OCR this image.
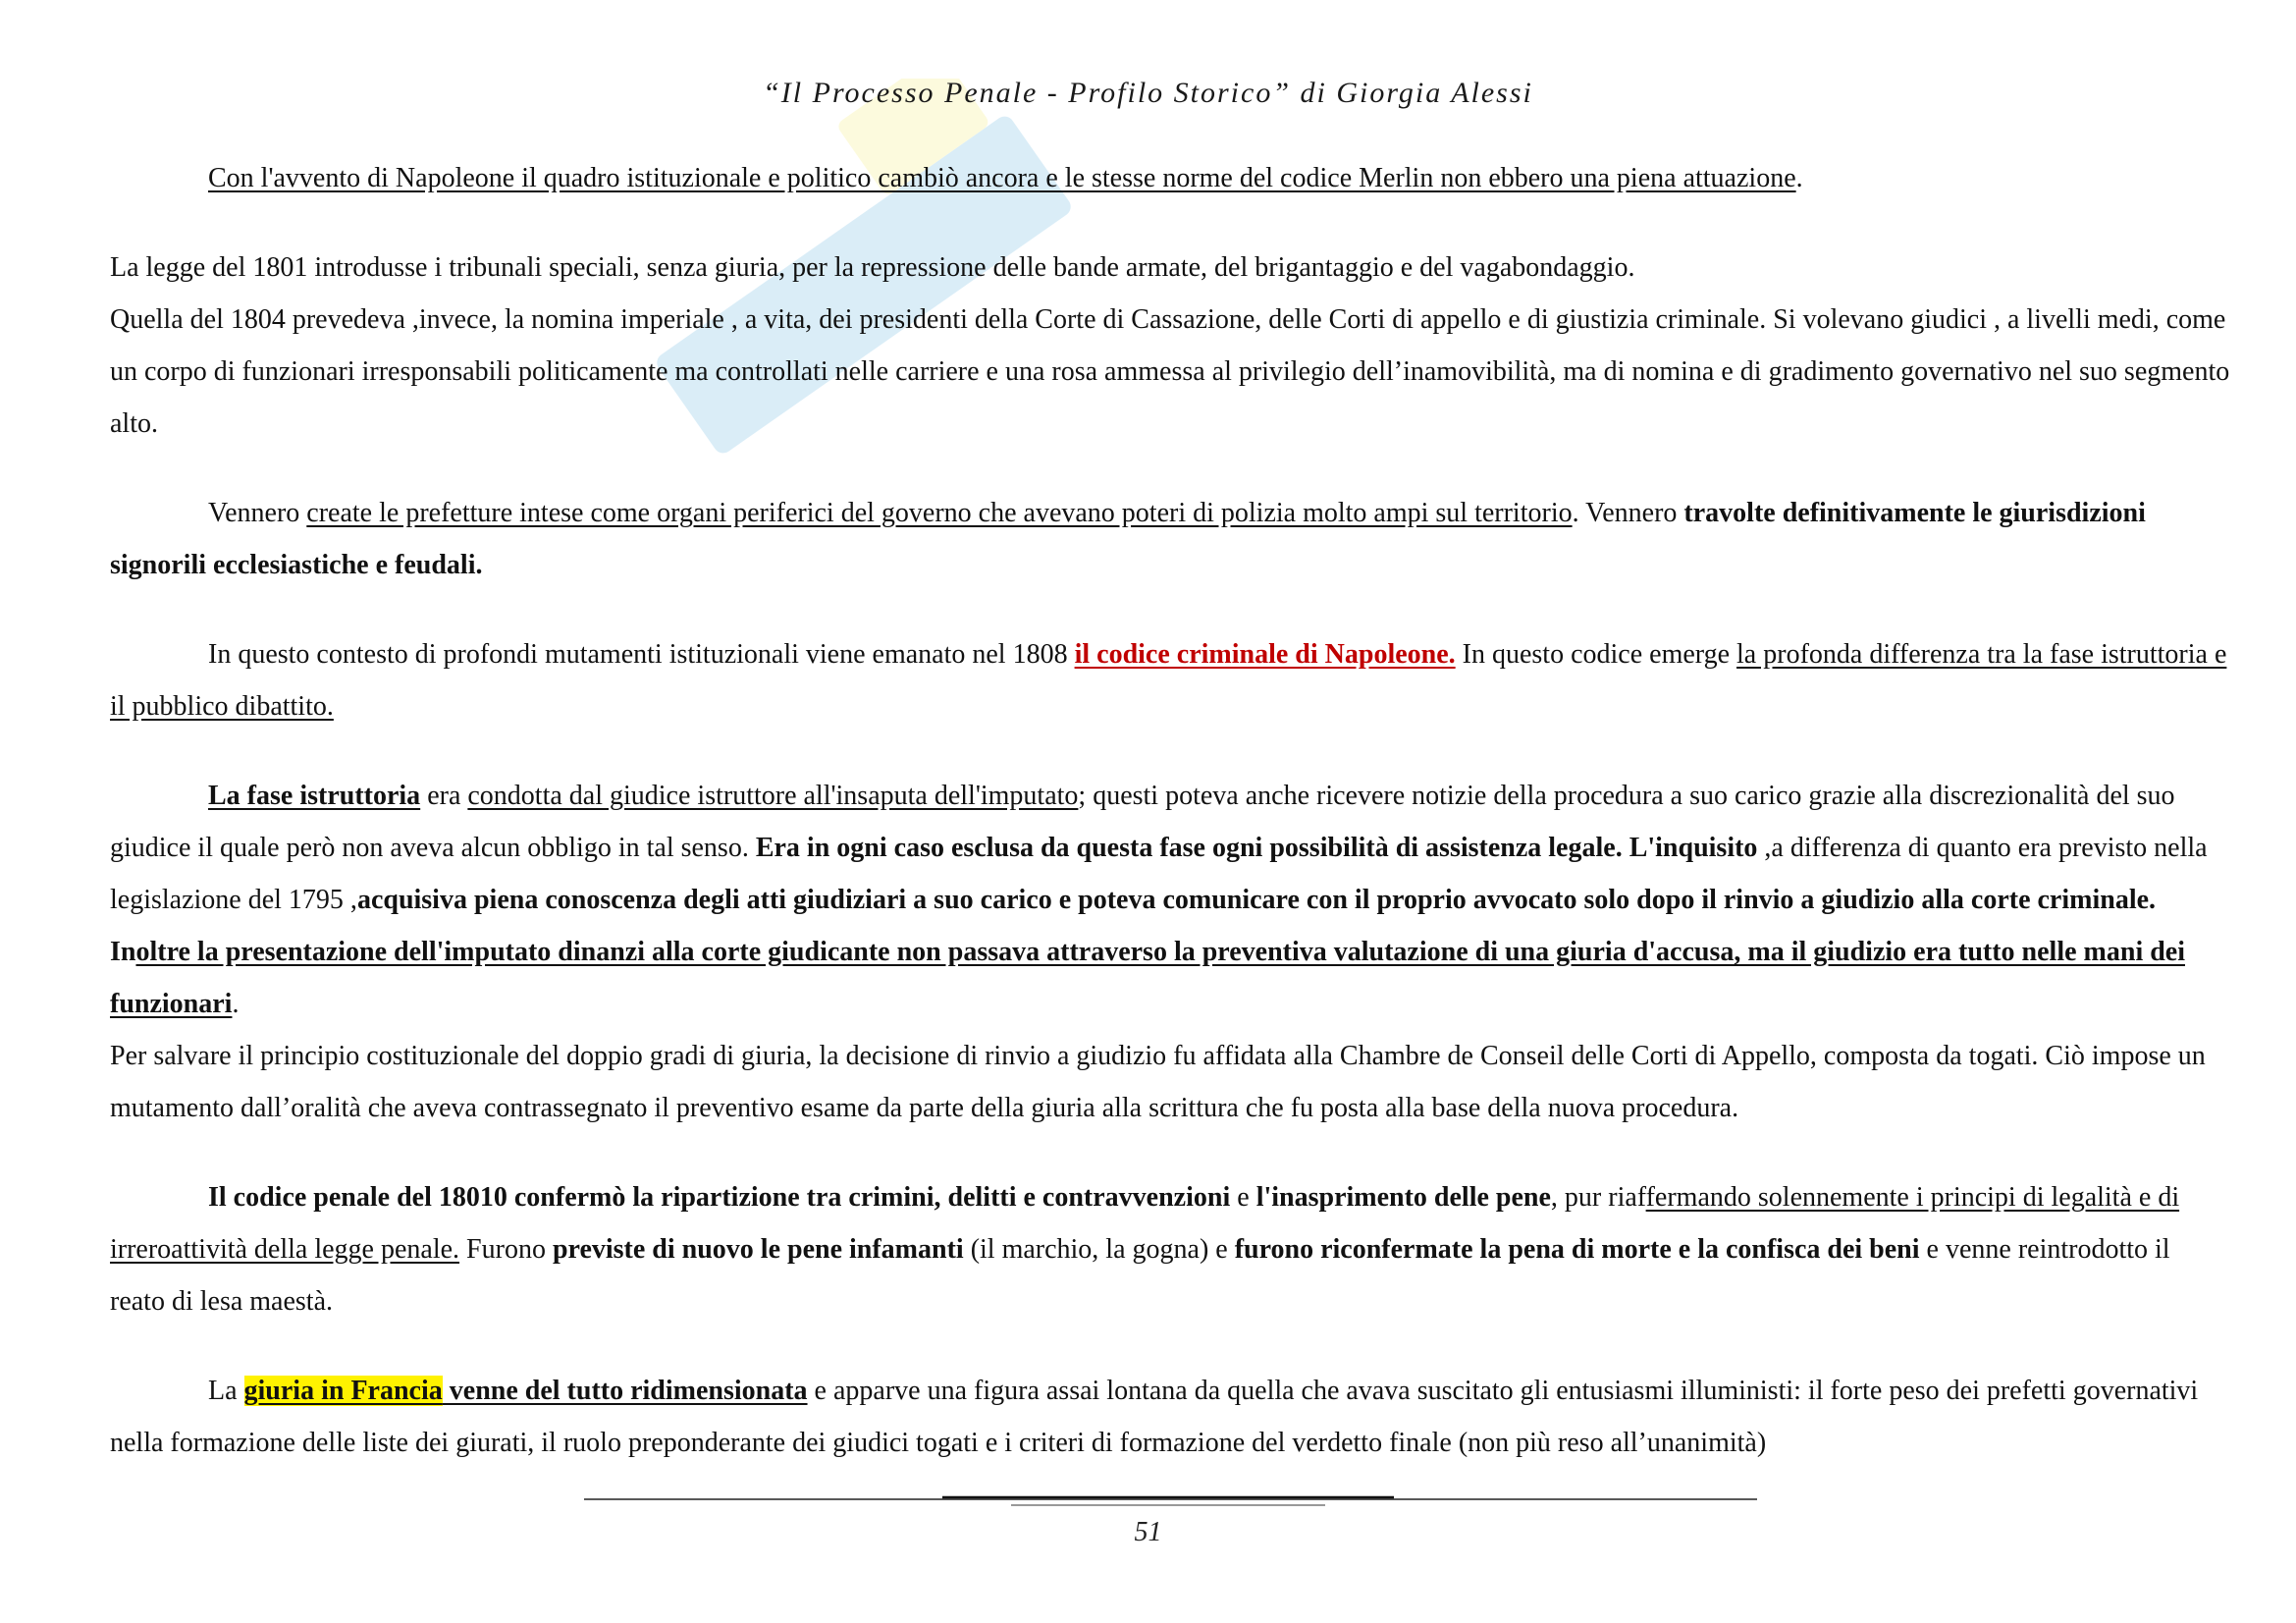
“Il Processo Penale - Profilo Storico” di Giorgia Alessi

Con l'avvento di Napoleone il quadro istituzionale e politico cambiò ancora e le stesse norme del codice Merlin non ebbero una piena attuazione.

La legge del 1801 introdusse i tribunali speciali, senza giuria, per la repressione delle bande armate, del brigantaggio e del vagabondaggio.

Quella del 1804 prevedeva ,invece, la nomina imperiale , a vita, dei presidenti della Corte di Cassazione, delle Corti di appello e di giustizia criminale. Si volevano giudici , a livelli medi, come un corpo di funzionari irresponsabili politicamente ma controllati nelle carriere e una rosa ammessa al privilegio dell’inamovibilità, ma di nomina e di gradimento governativo nel suo segmento alto.

Vennero create le prefetture intese come organi periferici del governo che avevano poteri di polizia molto ampi sul territorio. Vennero travolte definitivamente le giurisdizioni signorili ecclesiastiche e feudali.

In questo contesto di profondi mutamenti istituzionali viene emanato nel 1808 il codice criminale di Napoleone. In questo codice emerge la profonda differenza tra la fase istruttoria e il pubblico dibattito.

La fase istruttoria era condotta dal giudice istruttore all'insaputa dell'imputato; questi poteva anche ricevere notizie della procedura a suo carico grazie alla discrezionalità del suo giudice il quale però non aveva alcun obbligo in tal senso. Era in ogni caso esclusa da questa fase ogni possibilità di assistenza legale. L'inquisito ,a differenza di quanto era previsto nella legislazione del 1795 ,acquisiva piena conoscenza degli atti giudiziari a suo carico e poteva comunicare con il proprio avvocato solo dopo il rinvio a giudizio alla corte criminale. Inoltre la presentazione dell'imputato dinanzi alla corte giudicante non passava attraverso la preventiva valutazione di una giuria d'accusa, ma il giudizio era tutto nelle mani dei funzionari.

Per salvare il principio costituzionale del doppio gradi di giuria, la decisione di rinvio a giudizio fu affidata alla Chambre de Conseil delle Corti di Appello, composta da togati. Ciò impose un mutamento dall’oralità che aveva contrassegnato il preventivo esame da parte della giuria alla scrittura che fu posta alla base della nuova procedura.

Il codice penale del 18010 confermò la ripartizione tra crimini, delitti e contravvenzioni e l'inasprimento delle pene, pur riaffermando solennemente i principi di legalità e di irreroattività della legge penale. Furono previste di nuovo le pene infamanti (il marchio, la gogna) e furono riconfermate la pena di morte e la confisca dei beni e venne reintrodotto il reato di lesa maestà.

La giuria in Francia venne del tutto ridimensionata e apparve una figura assai lontana da quella che avava suscitato gli entusiasmi illuministi: il forte peso dei prefetti governativi nella formazione delle liste dei giurati, il ruolo preponderante dei giudici togati e i criteri di formazione del verdetto finale (non più reso all’unanimità)

51
